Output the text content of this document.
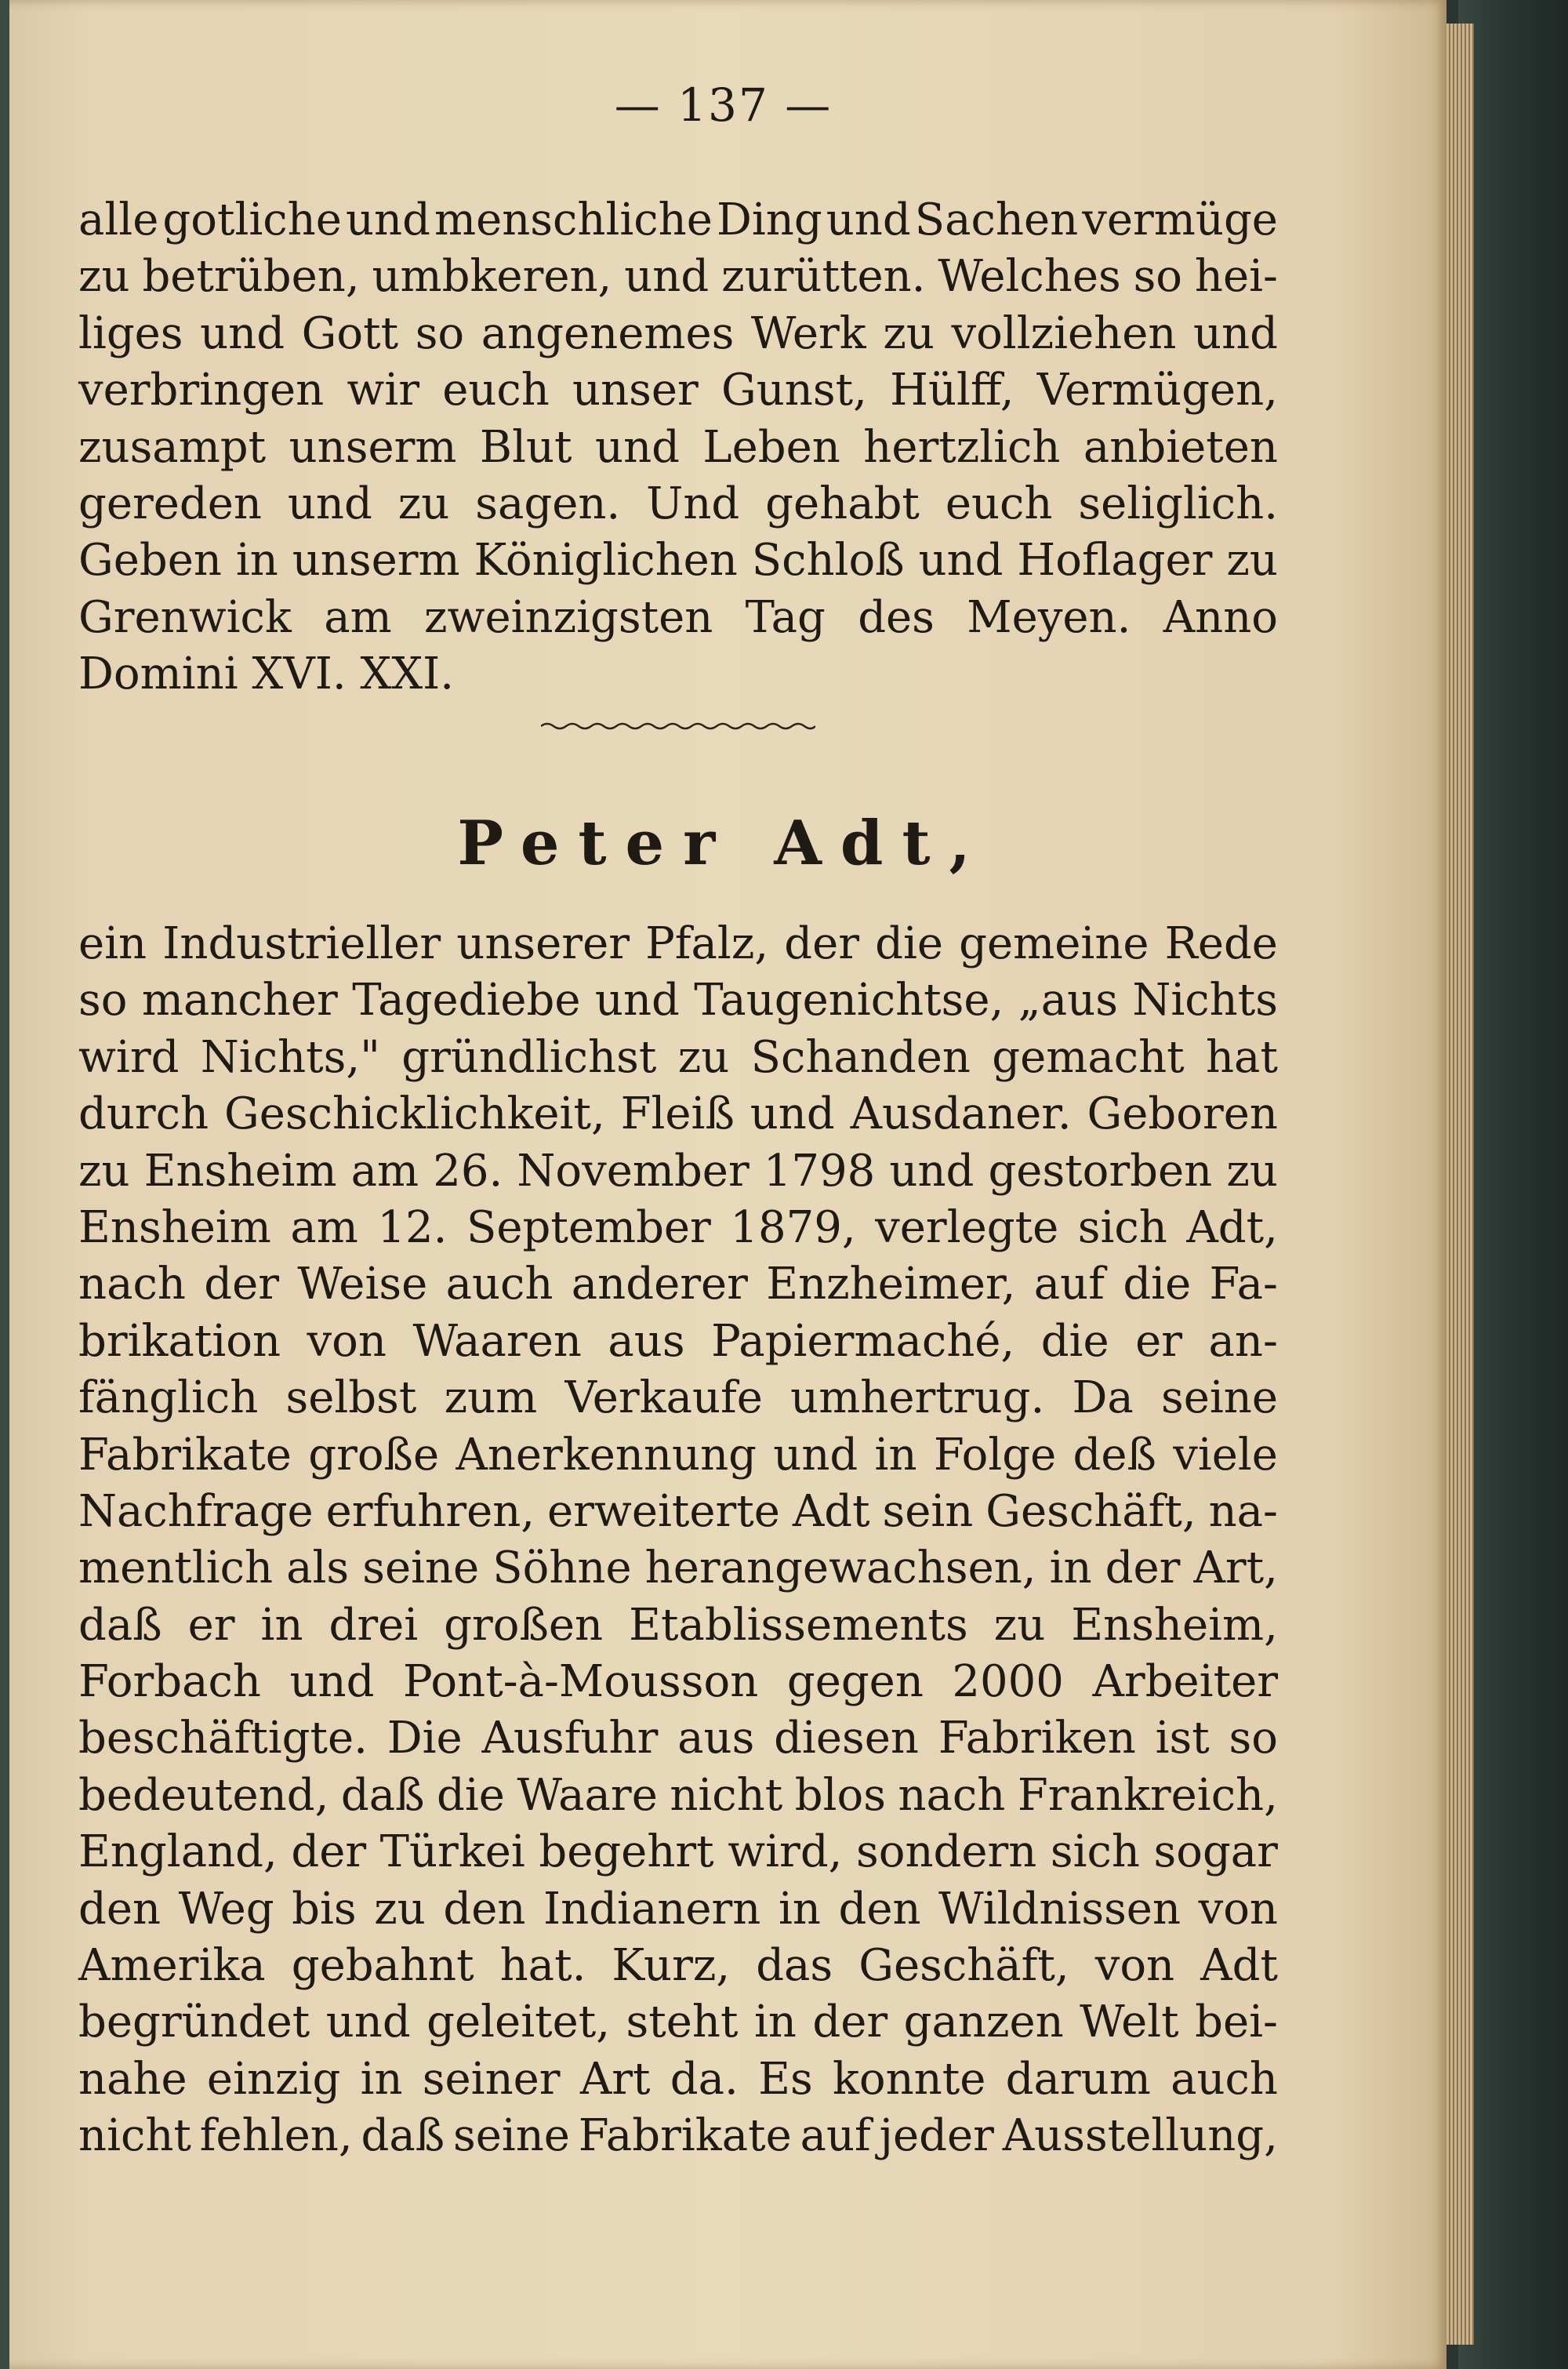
— 137 —
alle gotliche und menschliche Ding und Sachen vermüge
zu betrüben, umbkeren, und zurütten. Welches so hei-
liges und Gott so angenemes Werk zu vollziehen und
verbringen wir euch unser Gunst, Hülff, Vermügen,
zusampt unserm Blut und Leben hertzlich anbieten
gereden und zu sagen. Und gehabt euch seliglich.
Geben in unserm Königlichen Schloß und Hoflager zu
Grenwick am zweinzigsten Tag des Meyen. Anno
Domini XVI. XXI.
Peter Adt,
ein Industrieller unserer Pfalz, der die gemeine Rede
so mancher Tagediebe und Taugenichtse, „aus Nichts
wird Nichts," gründlichst zu Schanden gemacht hat
durch Geschicklichkeit, Fleiß und Ausdaner. Geboren
zu Ensheim am 26. November 1798 und gestorben zu
Ensheim am 12. September 1879, verlegte sich Adt,
nach der Weise auch anderer Enzheimer, auf die Fa-
brikation von Waaren aus Papiermaché, die er an-
fänglich selbst zum Verkaufe umhertrug. Da seine
Fabrikate große Anerkennung und in Folge deß viele
Nachfrage erfuhren, erweiterte Adt sein Geschäft, na-
mentlich als seine Söhne herangewachsen, in der Art,
daß er in drei großen Etablissements zu Ensheim,
Forbach und Pont-à-Mousson gegen 2000 Arbeiter
beschäftigte. Die Ausfuhr aus diesen Fabriken ist so
bedeutend, daß die Waare nicht blos nach Frankreich,
England, der Türkei begehrt wird, sondern sich sogar
den Weg bis zu den Indianern in den Wildnissen von
Amerika gebahnt hat. Kurz, das Geschäft, von Adt
begründet und geleitet, steht in der ganzen Welt bei-
nahe einzig in seiner Art da. Es konnte darum auch
nicht fehlen, daß seine Fabrikate auf jeder Ausstellung,
